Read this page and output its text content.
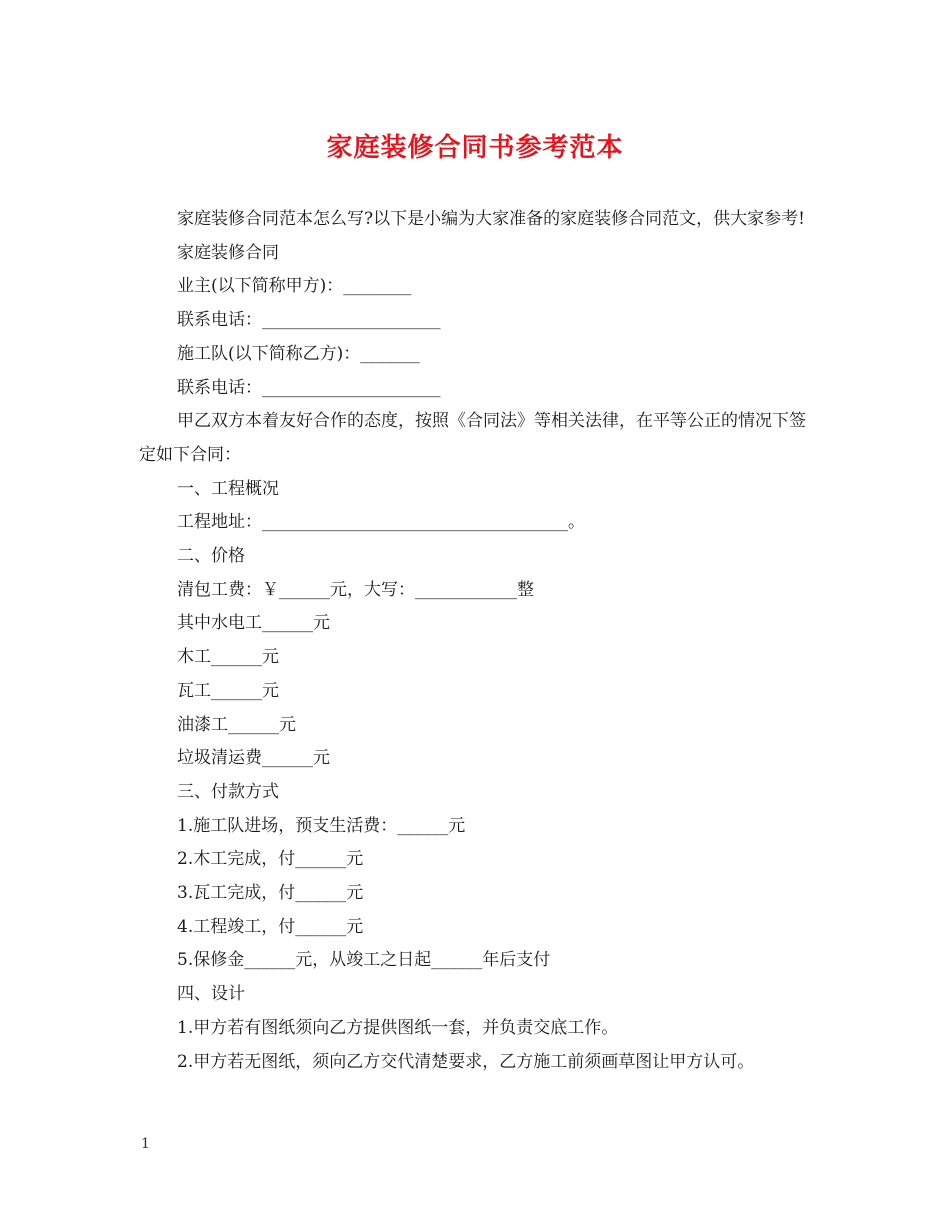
家庭装修合同书参考范本

家庭装修合同范本怎么写?以下是小编为大家准备的家庭装修合同范文，供大家参考!

家庭装修合同

业主(以下简称甲方)：________

联系电话：_____________________

施工队(以下简称乙方)：_______

联系电话：_____________________

甲乙双方本着友好合作的态度，按照《合同法》等相关法律，在平等公正的情况下签定如下合同：

一、工程概况

工程地址：____________________________________。

二、价格

清包工费：￥______元，大写：____________整

其中水电工______元

木工______元

瓦工______元

油漆工______元

垃圾清运费______元

三、付款方式

1.施工队进场，预支生活费：______元

2.木工完成，付______元

3.瓦工完成，付______元

4.工程竣工，付______元

5.保修金______元，从竣工之日起______年后支付

四、设计

1.甲方若有图纸须向乙方提供图纸一套，并负责交底工作。

2.甲方若无图纸，须向乙方交代清楚要求，乙方施工前须画草图让甲方认可。

1
